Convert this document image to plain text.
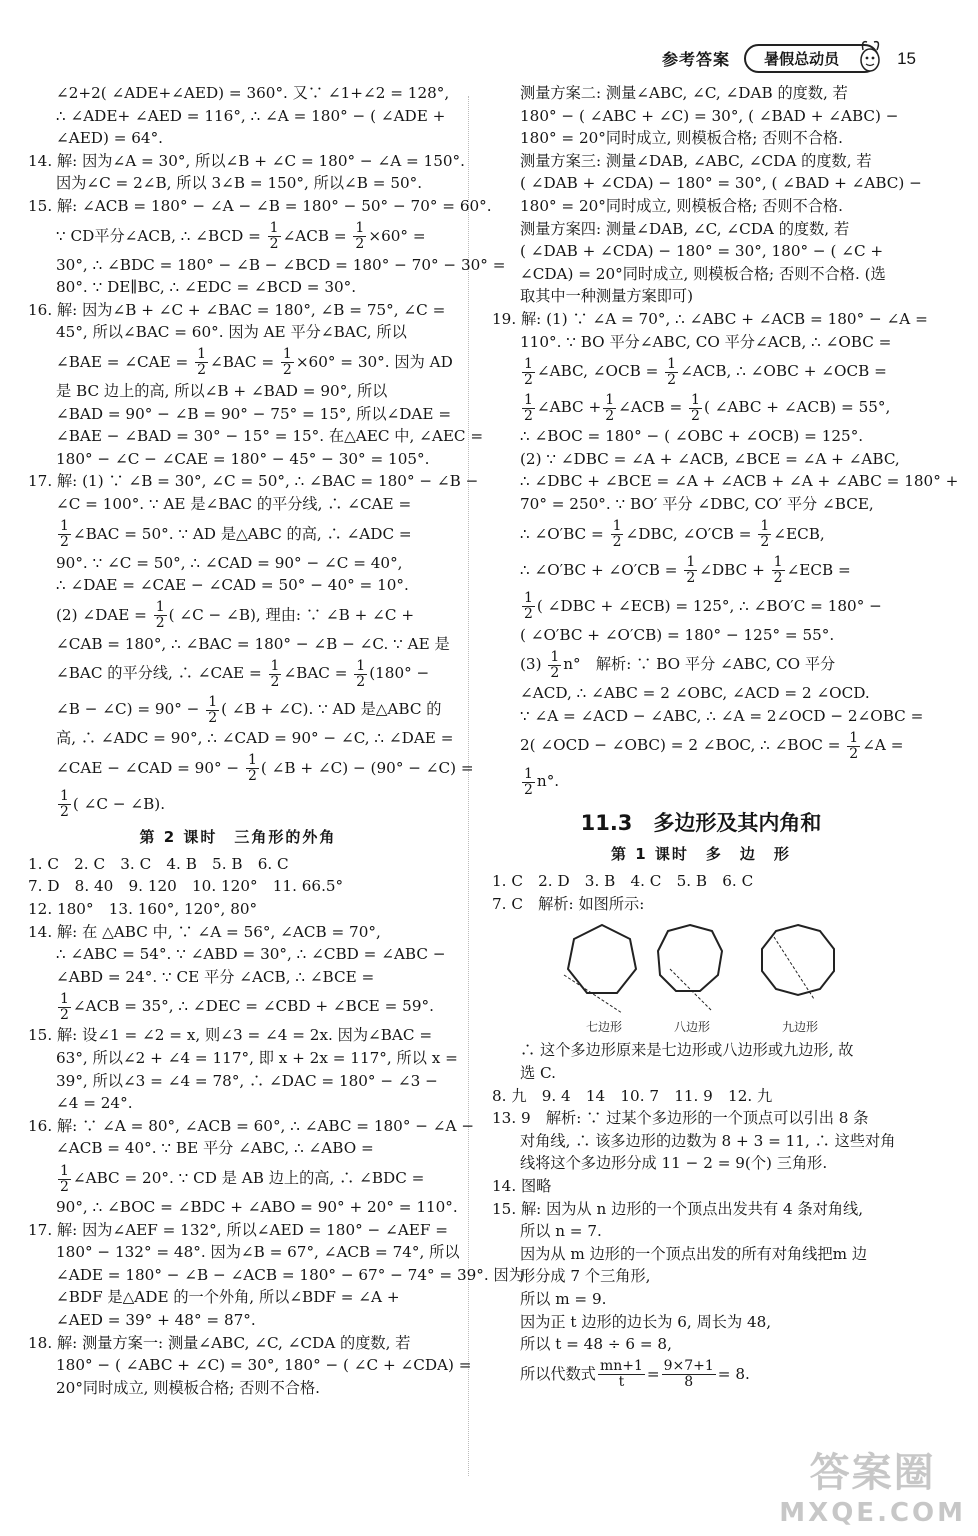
参考答案	暑假总动员	15
∠2+2( ∠ADE+∠AED) = 360°. 又∵ ∠1+∠2 = 128°,
∴ ∠ADE+ ∠AED = 116°, ∴ ∠A = 180° − ( ∠ADE +
∠AED) = 64°.
14. 解: 因为∠A = 30°, 所以∠B + ∠C = 180° − ∠A = 150°.
因为∠C = 2∠B, 所以 3∠B = 150°, 所以∠B = 50°.
15. 解: ∠ACB = 180° − ∠A − ∠B = 180° − 50° − 70° = 60°.
∵ CD平分∠ACB, ∴ ∠BCD = $\frac{1}{2}$ ∠ACB = $\frac{1}{2} \times 60^\circ$ =
30°, ∴ ∠BDC = 180° − ∠B − ∠BCD = 180° − 70° − 30° =
80°. ∵ DE∥BC, ∴ ∠EDC = ∠BCD = 30°.
16. 解: 因为∠B + ∠C + ∠BAC = 180°, ∠B = 75°, ∠C =
45°, 所以∠BAC = 60°. 因为 AE 平分∠BAC, 所以
∠BAE = ∠CAE = $\frac{1}{2}$ ∠BAC = $\frac{1}{2} \times 60^\circ = 30^\circ$. 因为 AD
是 BC 边上的高, 所以∠B + ∠BAD = 90°, 所以
∠BAD = 90° − ∠B = 90° − 75° = 15°, 所以∠DAE =
∠BAE − ∠BAD = 30° − 15° = 15°. 在△AEC 中, ∠AEC =
180° − ∠C − ∠CAE = 180° − 45° − 30° = 105°.
17. 解: (1) ∵ ∠B = 30°, ∠C = 50°, ∴ ∠BAC = 180° − ∠B −
∠C = 100°. ∵ AE 是∠BAC 的平分线, ∴ ∠CAE =
$\frac{1}{2}$ ∠BAC = 50°. ∵ AD 是△ABC 的高, ∴ ∠ADC =
90°. ∵ ∠C = 50°, ∴ ∠CAD = 90° − ∠C = 40°,
∴ ∠DAE = ∠CAE − ∠CAD = 50° − 40° = 10°.
(2) ∠DAE = $\frac{1}{2}$ ( ∠C − ∠B), 理由: ∵ ∠B + ∠C +
∠CAB = 180°, ∴ ∠BAC = 180° − ∠B − ∠C. ∵ AE 是
∠BAC 的平分线, ∴ ∠CAE = $\frac{1}{2}$ ∠BAC = $\frac{1}{2} (180^\circ$ −
∠B − ∠C) = $90^\circ - \frac{1}{2}$ ( ∠B + ∠C). ∵ AD 是△ABC 的
高, ∴ ∠ADC = 90°, ∴ ∠CAD = 90° − ∠C, ∴ ∠DAE =
∠CAE − ∠CAD = $90^\circ - \frac{1}{2}$ ( ∠B + ∠C) − (90° − ∠C) =
$\frac{1}{2}$ ( ∠C − ∠B).
第 2 课时　三角形的外角
1. C　2. C　3. C　4. B　5. B　6. C
7. D　8. 40　9. 120　10. 120°　11. 66.5°
12. 180°　13. 160°, 120°, 80°
14. 解: 在 △ABC 中, ∵ ∠A = 56°, ∠ACB = 70°,
∴ ∠ABC = 54°. ∵ ∠ABD = 30°, ∴ ∠CBD = ∠ABC −
∠ABD = 24°. ∵ CE 平分 ∠ACB, ∴ ∠BCE =
$\frac{1}{2}$ ∠ACB = 35°, ∴ ∠DEC = ∠CBD + ∠BCE = 59°.
15. 解: 设∠1 = ∠2 = x, 则∠3 = ∠4 = 2x. 因为∠BAC =
63°, 所以∠2 + ∠4 = 117°, 即 x + 2x = 117°, 所以 x =
39°, 所以∠3 = ∠4 = 78°, ∴ ∠DAC = 180° − ∠3 −
∠4 = 24°.
16. 解: ∵ ∠A = 80°, ∠ACB = 60°, ∴ ∠ABC = 180° − ∠A −
∠ACB = 40°. ∵ BE 平分 ∠ABC, ∴ ∠ABO =
$\frac{1}{2}$ ∠ABC = 20°. ∵ CD 是 AB 边上的高, ∴ ∠BDC =
90°, ∴ ∠BOC = ∠BDC + ∠ABO = 90° + 20° = 110°.
17. 解: 因为∠AEF = 132°, 所以∠AED = 180° − ∠AEF =
180° − 132° = 48°. 因为∠B = 67°, ∠ACB = 74°, 所以
∠ADE = 180° − ∠B − ∠ACB = 180° − 67° − 74° = 39°. 因为
∠BDF 是△ADE 的一个外角, 所以∠BDF = ∠A +
∠AED = 39° + 48° = 87°.
18. 解: 测量方案一: 测量∠ABC, ∠C, ∠CDA 的度数, 若
180° − ( ∠ABC + ∠C) = 30°, 180° − ( ∠C + ∠CDA) =
20°同时成立, 则模板合格; 否则不合格.
测量方案二: 测量∠ABC, ∠C, ∠DAB 的度数, 若
180° − ( ∠ABC + ∠C) = 30°, ( ∠BAD + ∠ABC) −
180° = 20°同时成立, 则模板合格; 否则不合格.
测量方案三: 测量∠DAB, ∠ABC, ∠CDA 的度数, 若
( ∠DAB + ∠CDA) − 180° = 30°, ( ∠BAD + ∠ABC) −
180° = 20°同时成立, 则模板合格; 否则不合格.
测量方案四: 测量∠DAB, ∠C, ∠CDA 的度数, 若
( ∠DAB + ∠CDA) − 180° = 30°, 180° − ( ∠C +
∠CDA) = 20°同时成立, 则模板合格; 否则不合格. (选
取其中一种测量方案即可)
19. 解: (1) ∵ ∠A = 70°, ∴ ∠ABC + ∠ACB = 180° − ∠A =
110°. ∵ BO 平分∠ABC, CO 平分∠ACB, ∴ ∠OBC =
$\frac{1}{2}$ ∠ABC, ∠OCB = $\frac{1}{2}$ ∠ACB, ∴ ∠OBC + ∠OCB =
$\frac{1}{2}$ ∠ABC + $\frac{1}{2}$ ∠ACB = $\frac{1}{2}$ ( ∠ABC + ∠ACB) = 55°,
∴ ∠BOC = 180° − ( ∠OBC + ∠OCB) = 125°.
(2) ∵ ∠DBC = ∠A + ∠ACB, ∠BCE = ∠A + ∠ABC,
∴ ∠DBC + ∠BCE = ∠A + ∠ACB + ∠A + ∠ABC = 180° +
70° = 250°. ∵ BO′ 平分 ∠DBC, CO′ 平分 ∠BCE,
∴ ∠O′BC = $\frac{1}{2}$ ∠DBC, ∠O′CB = $\frac{1}{2}$ ∠ECB,
∴ ∠O′BC + ∠O′CB = $\frac{1}{2}$ ∠DBC + $\frac{1}{2}$ ∠ECB =
$\frac{1}{2}$ ( ∠DBC + ∠ECB) = 125°, ∴ ∠BO′C = 180° −
( ∠O′BC + ∠O′CB) = 180° − 125° = 55°.
$(3) \frac{1}{2} n^\circ$　解析: ∵ BO 平分 ∠ABC, CO 平分
∠ACD, ∴ ∠ABC = 2 ∠OBC, ∠ACD = 2 ∠OCD.
∵ ∠A = ∠ACD − ∠ABC, ∴ ∠A = 2∠OCD − 2∠OBC =
2( ∠OCD − ∠OBC) = 2 ∠BOC, ∴ ∠BOC = $\frac{1}{2}$ ∠A =
$\frac{1}{2} n^\circ$.
11.3　多边形及其内角和
第 1 课时　多　边　形
1. C　2. D　3. B　4. C　5. B　6. C
7. C　解析: 如图所示:
七边形	八边形	九边形
∴ 这个多边形原来是七边形或八边形或九边形, 故
选 C.
8. 九　9. 4　14　10. 7　11. 9　12. 九
13. 9　解析: ∵ 过某个多边形的一个顶点可以引出 8 条
对角线, ∴ 该多边形的边数为 8 + 3 = 11, ∴ 这些对角
线将这个多边形分成 11 − 2 = 9(个) 三角形.
14. 图略
15. 解: 因为从 n 边形的一个顶点出发共有 4 条对角线,
所以 n = 7.
因为从 m 边形的一个顶点出发的所有对角线把m 边
形分成 7 个三角形,
所以 m = 9.
因为正 t 边形的边长为 6, 周长为 48,
所以 t = 48 ÷ 6 = 8,
所以代数式 $\frac{mn+1}{t} = \frac{9\times 7+1}{8} = 8$.
答案圈
MXQE.COM
